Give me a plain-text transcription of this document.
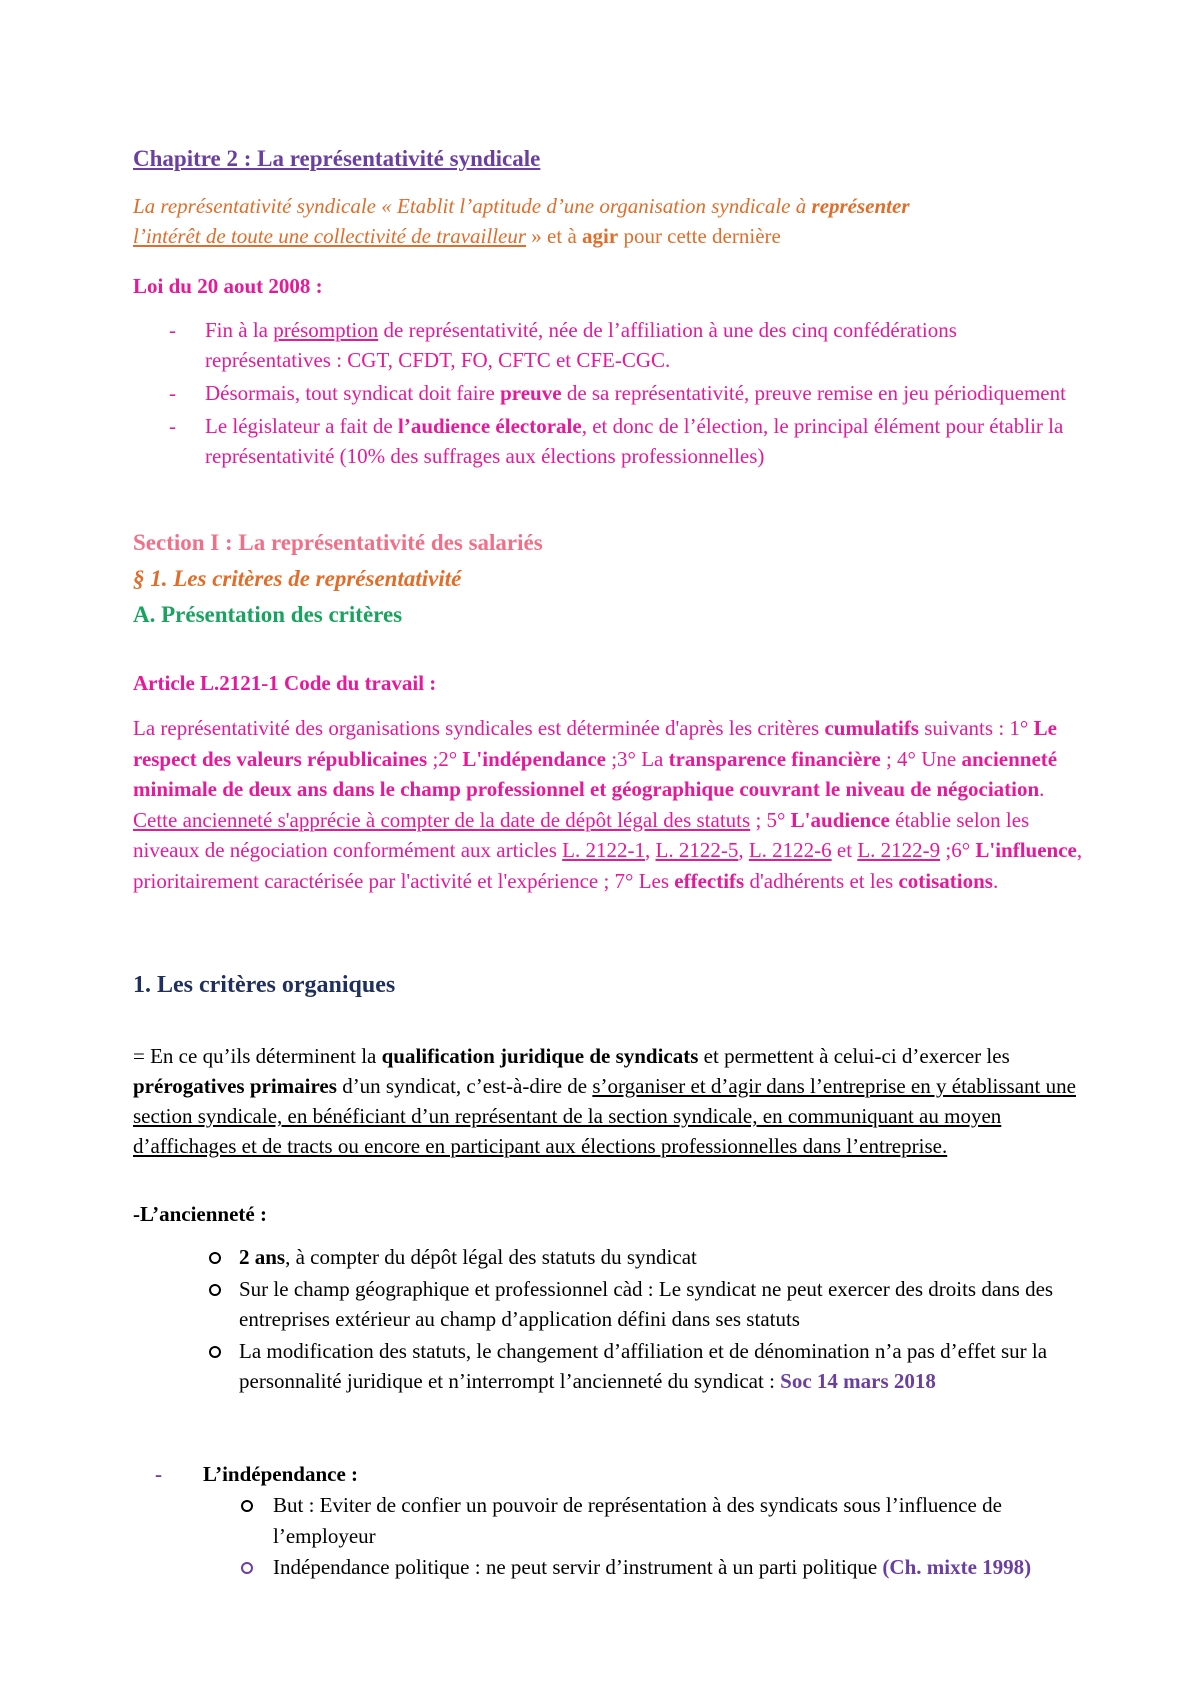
Chapitre 2 : La représentativité syndicale

La représentativité syndicale « Etablit l’aptitude d’une organisation syndicale à représenter
l’intérêt de toute une collectivité de travailleur » et à agir pour cette dernière

Loi du 20 aout 2008 :

- Fin à la présomption de représentativité, née de l’affiliation à une des cinq confédérations représentatives : CGT, CFDT, FO, CFTC et CFE-CGC.
- Désormais, tout syndicat doit faire preuve de sa représentativité, preuve remise en jeu périodiquement
- Le législateur a fait de l’audience électorale, et donc de l’élection, le principal élément pour établir la représentativité (10% des suffrages aux élections professionnelles)

Section I : La représentativité des salariés

§ 1. Les critères de représentativité

A. Présentation des critères

Article L.2121-1 Code du travail :

La représentativité des organisations syndicales est déterminée d'après les critères cumulatifs suivants : 1° Le respect des valeurs républicaines ;2° L'indépendance ;3° La transparence financière ; 4° Une ancienneté minimale de deux ans dans le champ professionnel et géographique couvrant le niveau de négociation. Cette ancienneté s'apprécie à compter de la date de dépôt légal des statuts ; 5° L'audience établie selon les niveaux de négociation conformément aux articles L. 2122-1, L. 2122-5, L. 2122-6 et L. 2122-9 ;6° L'influence, prioritairement caractérisée par l'activité et l'expérience ; 7° Les effectifs d'adhérents et les cotisations.

1. Les critères organiques

= En ce qu’ils déterminent la qualification juridique de syndicats et permettent à celui-ci d’exercer les prérogatives primaires d’un syndicat, c’est-à-dire de s’organiser et d’agir dans l’entreprise en y établissant une section syndicale, en bénéficiant d’un représentant de la section syndicale, en communiquant au moyen d’affichages et de tracts ou encore en participant aux élections professionnelles dans l’entreprise.

-L’ancienneté :

2 ans, à compter du dépôt légal des statuts du syndicat
Sur le champ géographique et professionnel càd : Le syndicat ne peut exercer des droits dans des entreprises extérieur au champ d’application défini dans ses statuts
La modification des statuts, le changement d’affiliation et de dénomination n’a pas d’effet sur la personnalité juridique et n’interrompt l’ancienneté du syndicat : Soc 14 mars 2018
- L’indépendance :
But : Eviter de confier un pouvoir de représentation à des syndicats sous l’influence de l’employeur
Indépendance politique : ne peut servir d’instrument à un parti politique (Ch. mixte 1998)
